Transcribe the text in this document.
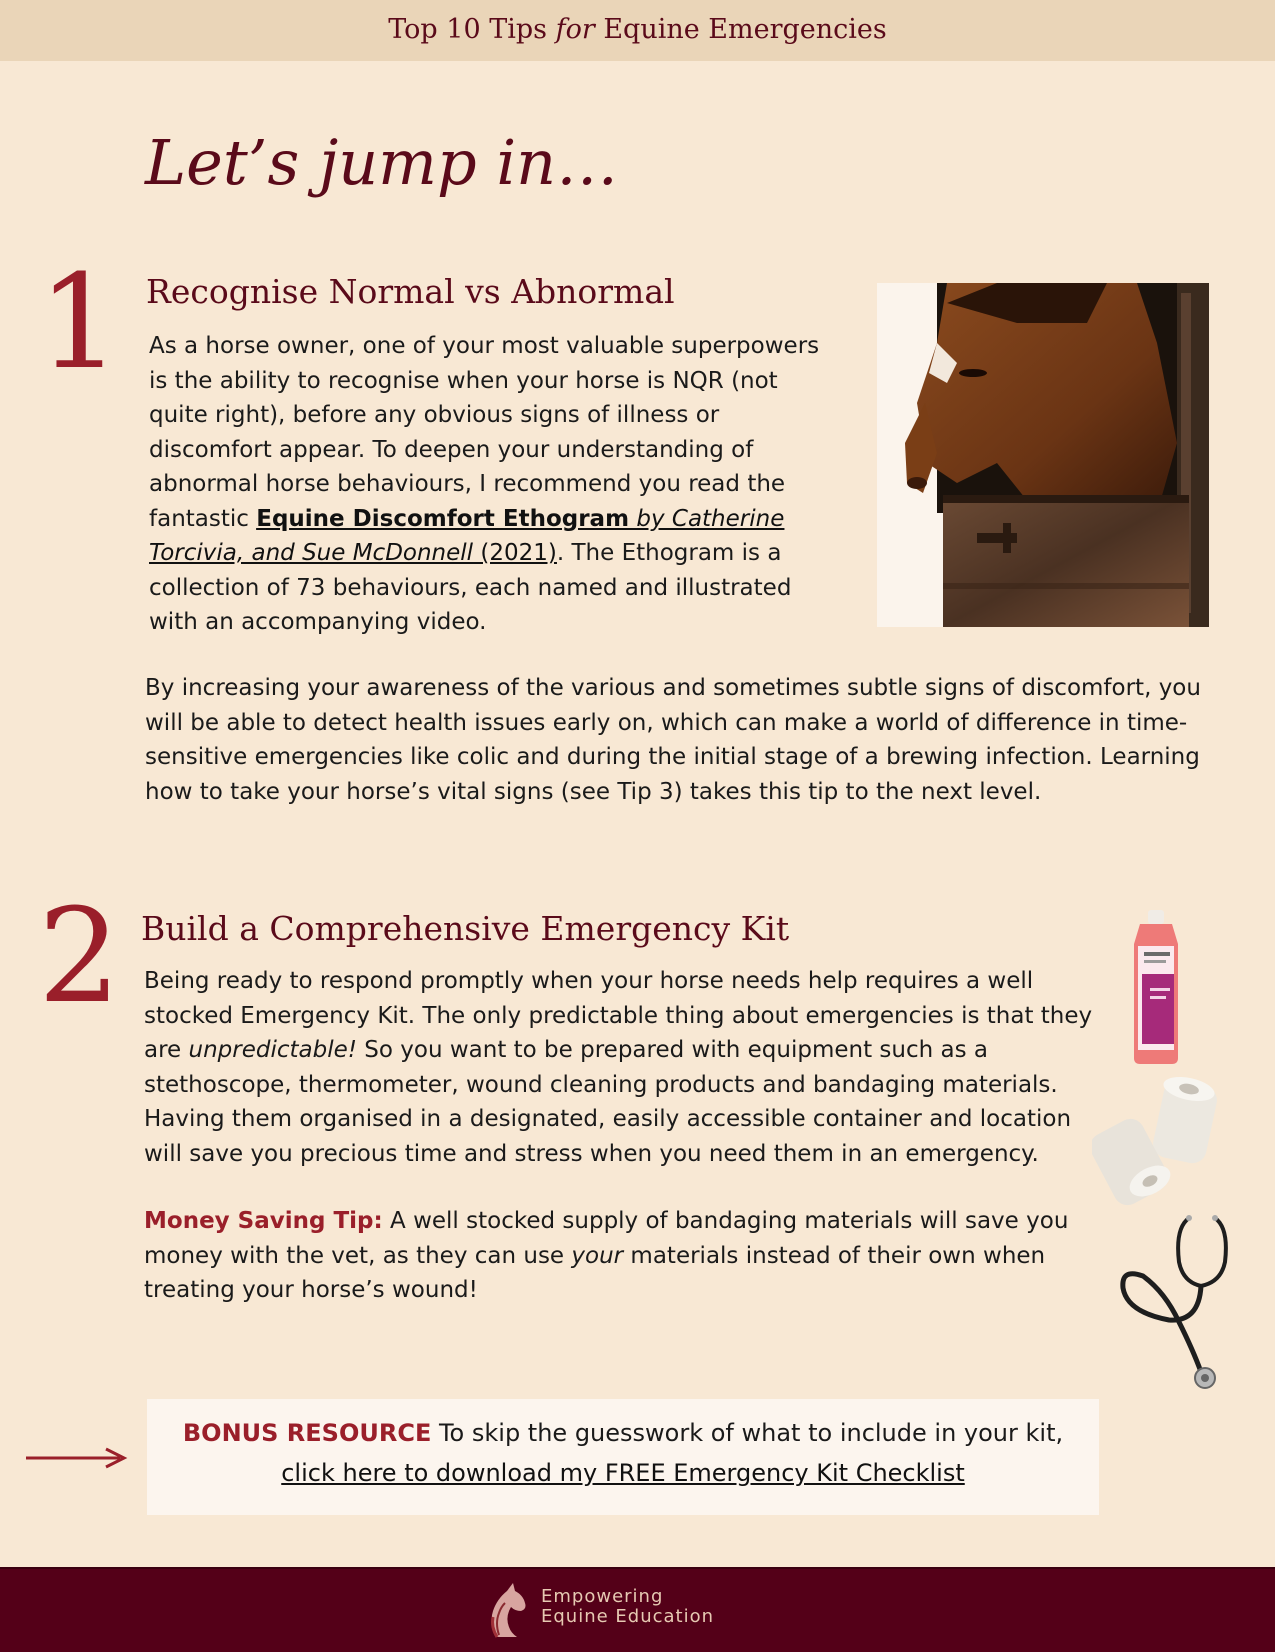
Top 10 Tips for Equine Emergencies
Let’s jump in…
1 Recognise Normal vs Abnormal

As a horse owner, one of your most valuable superpowers is the ability to recognise when your horse is NQR (not quite right), before any obvious signs of illness or discomfort appear. To deepen your understanding of abnormal horse behaviours, I recommend you read the fantastic Equine Discomfort Ethogram by Catherine Torcivia, and Sue McDonnell (2021). The Ethogram is a collection of 73 behaviours, each named and illustrated with an accompanying video.

By increasing your awareness of the various and sometimes subtle signs of discomfort, you will be able to detect health issues early on, which can make a world of difference in time-sensitive emergencies like colic and during the initial stage of a brewing infection. Learning how to take your horse’s vital signs (see Tip 3) takes this tip to the next level.

2 Build a Comprehensive Emergency Kit

Being ready to respond promptly when your horse needs help requires a well stocked Emergency Kit. The only predictable thing about emergencies is that they are unpredictable! So you want to be prepared with equipment such as a stethoscope, thermometer, wound cleaning products and bandaging materials. Having them organised in a designated, easily accessible container and location will save you precious time and stress when you need them in an emergency.

Money Saving Tip: A well stocked supply of bandaging materials will save you money with the vet, as they can use your materials instead of their own when treating your horse’s wound!

BONUS RESOURCE To skip the guesswork of what to include in your kit,
click here to download my FREE Emergency Kit Checklist
Empowering
Equine Education
